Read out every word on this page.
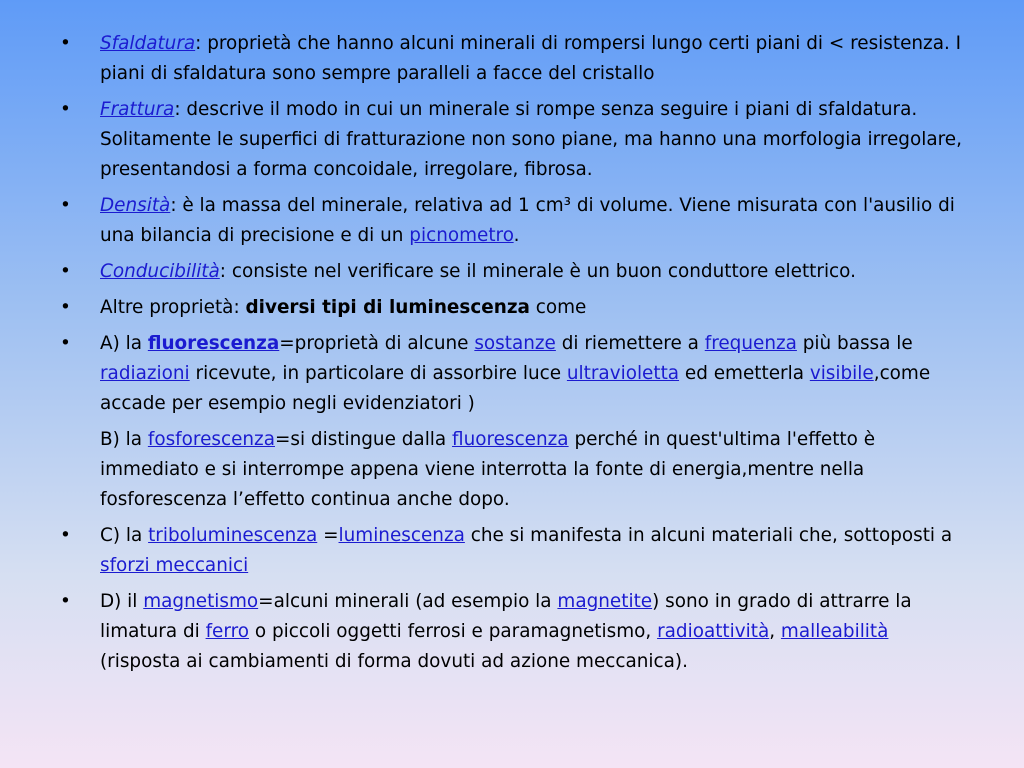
• Sfaldatura: proprietà che hanno alcuni minerali di rompersi lungo certi piani di < resistenza. I piani di sfaldatura sono sempre paralleli a facce del cristallo
• Frattura: descrive il modo in cui un minerale si rompe senza seguire i piani di sfaldatura. Solitamente le superfici di fratturazione non sono piane, ma hanno una morfologia irregolare, presentandosi a forma concoidale, irregolare, fibrosa.
• Densità: è la massa del minerale, relativa ad 1 cm³ di volume. Viene misurata con l'ausilio di una bilancia di precisione e di un picnometro.
• Conducibilità: consiste nel verificare se il minerale è un buon conduttore elettrico.
• Altre proprietà: diversi tipi di luminescenza come
• A) la fluorescenza=proprietà di alcune sostanze di riemettere a frequenza più bassa le radiazioni ricevute, in particolare di assorbire luce ultravioletta ed emetterla visibile,come accade per esempio negli evidenziatori )
B) la fosforescenza=si distingue dalla fluorescenza perché in quest'ultima l'effetto è immediato e si interrompe appena viene interrotta la fonte di energia,mentre nella fosforescenza l’effetto continua anche dopo.
• C) la triboluminescenza =luminescenza che si manifesta in alcuni materiali che, sottoposti a sforzi meccanici
• D) il magnetismo=alcuni minerali (ad esempio la magnetite) sono in grado di attrarre la limatura di ferro o piccoli oggetti ferrosi e paramagnetismo, radioattività, malleabilità (risposta ai cambiamenti di forma dovuti ad azione meccanica).
